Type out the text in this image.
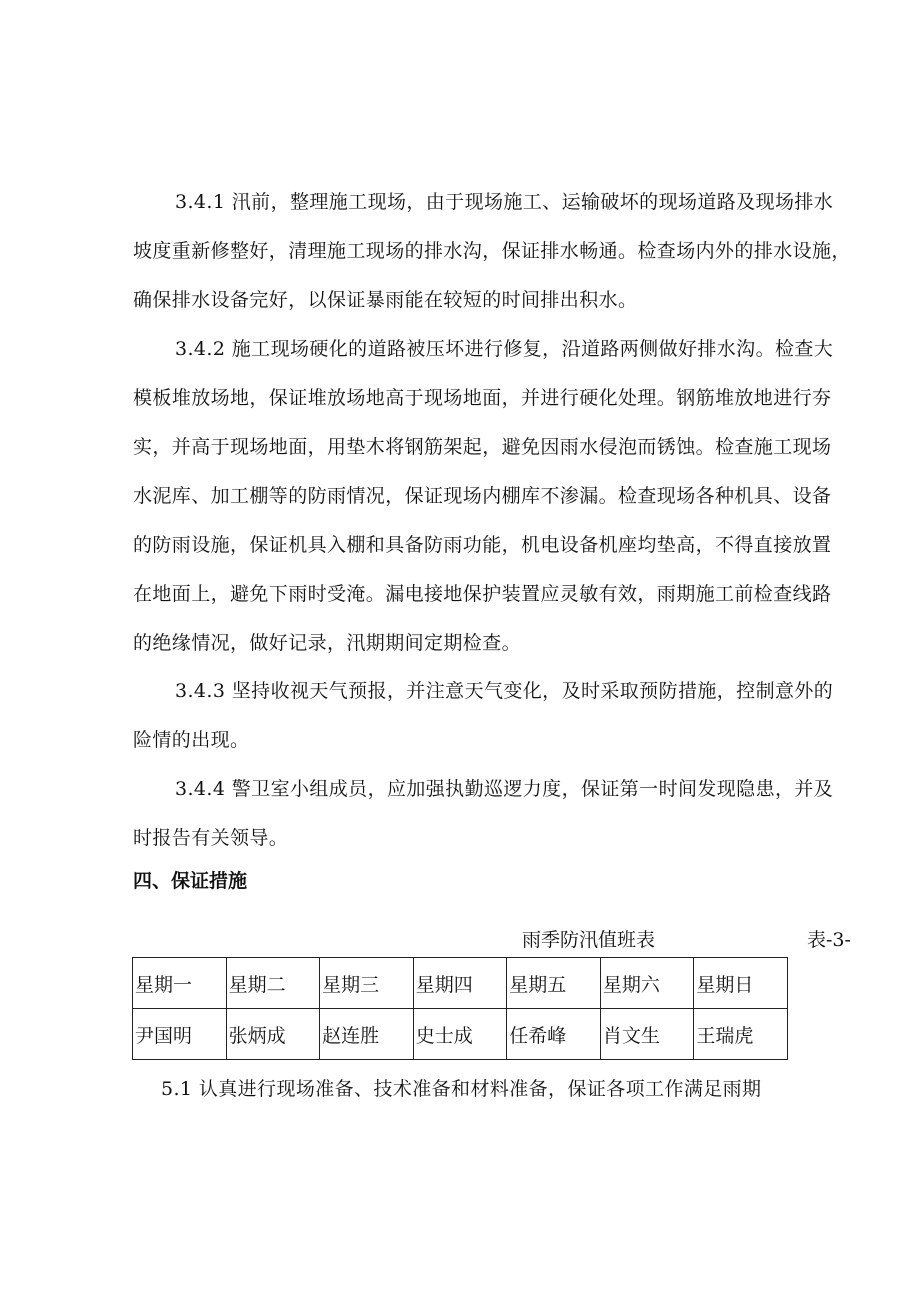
3.4.1 汛前，整理施工现场，由于现场施工、运输破坏的现场道路及现场排水
坡度重新修整好，清理施工现场的排水沟，保证排水畅通。检查场内外的排水设施，
确保排水设备完好，以保证暴雨能在较短的时间排出积水。
3.4.2 施工现场硬化的道路被压坏进行修复，沿道路两侧做好排水沟。检查大
模板堆放场地，保证堆放场地高于现场地面，并进行硬化处理。钢筋堆放地进行夯
实，并高于现场地面，用垫木将钢筋架起，避免因雨水侵泡而锈蚀。检查施工现场
水泥库、加工棚等的防雨情况，保证现场内棚库不渗漏。检查现场各种机具、设备
的防雨设施，保证机具入棚和具备防雨功能，机电设备机座均垫高，不得直接放置
在地面上，避免下雨时受淹。漏电接地保护装置应灵敏有效，雨期施工前检查线路
的绝缘情况，做好记录，汛期期间定期检查。
3.4.3 坚持收视天气预报，并注意天气变化，及时采取预防措施，控制意外的
险情的出现。
3.4.4 警卫室小组成员，应加强执勤巡逻力度，保证第一时间发现隐患，并及
时报告有关领导。
四、保证措施
雨季防汛值班表	表-3-
星期一	星期二	星期三	星期四	星期五	星期六	星期日
尹国明	张炳成	赵连胜	史士成	任希峰	肖文生	王瑞虎
5.1 认真进行现场准备、技术准备和材料准备，保证各项工作满足雨期
